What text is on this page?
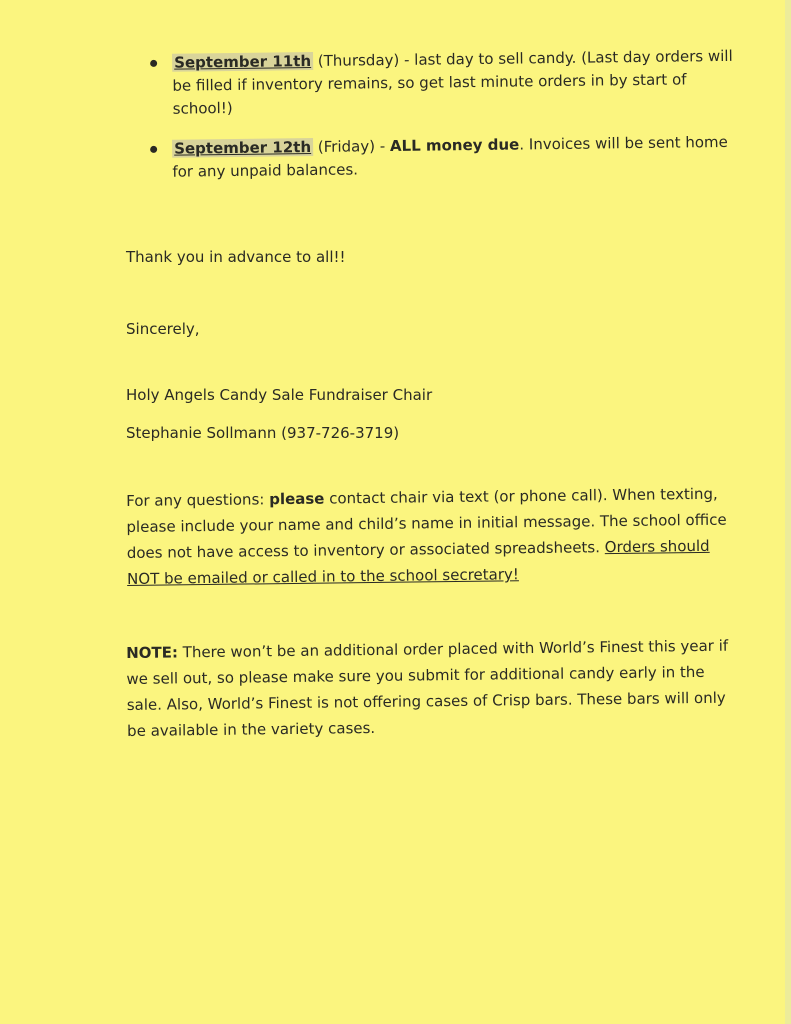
September 11th (Thursday) - last day to sell candy. (Last day orders will be filled if inventory remains, so get last minute orders in by start of school!)
September 12th (Friday) - ALL money due. Invoices will be sent home for any unpaid balances.

Thank you in advance to all!!

Sincerely,

Holy Angels Candy Sale Fundraiser Chair

Stephanie Sollmann (937-726-3719)

For any questions: please contact chair via text (or phone call). When texting, please include your name and child’s name in initial message. The school office does not have access to inventory or associated spreadsheets. Orders should NOT be emailed or called in to the school secretary!

NOTE: There won’t be an additional order placed with World’s Finest this year if we sell out, so please make sure you submit for additional candy early in the sale. Also, World’s Finest is not offering cases of Crisp bars. These bars will only be available in the variety cases.
